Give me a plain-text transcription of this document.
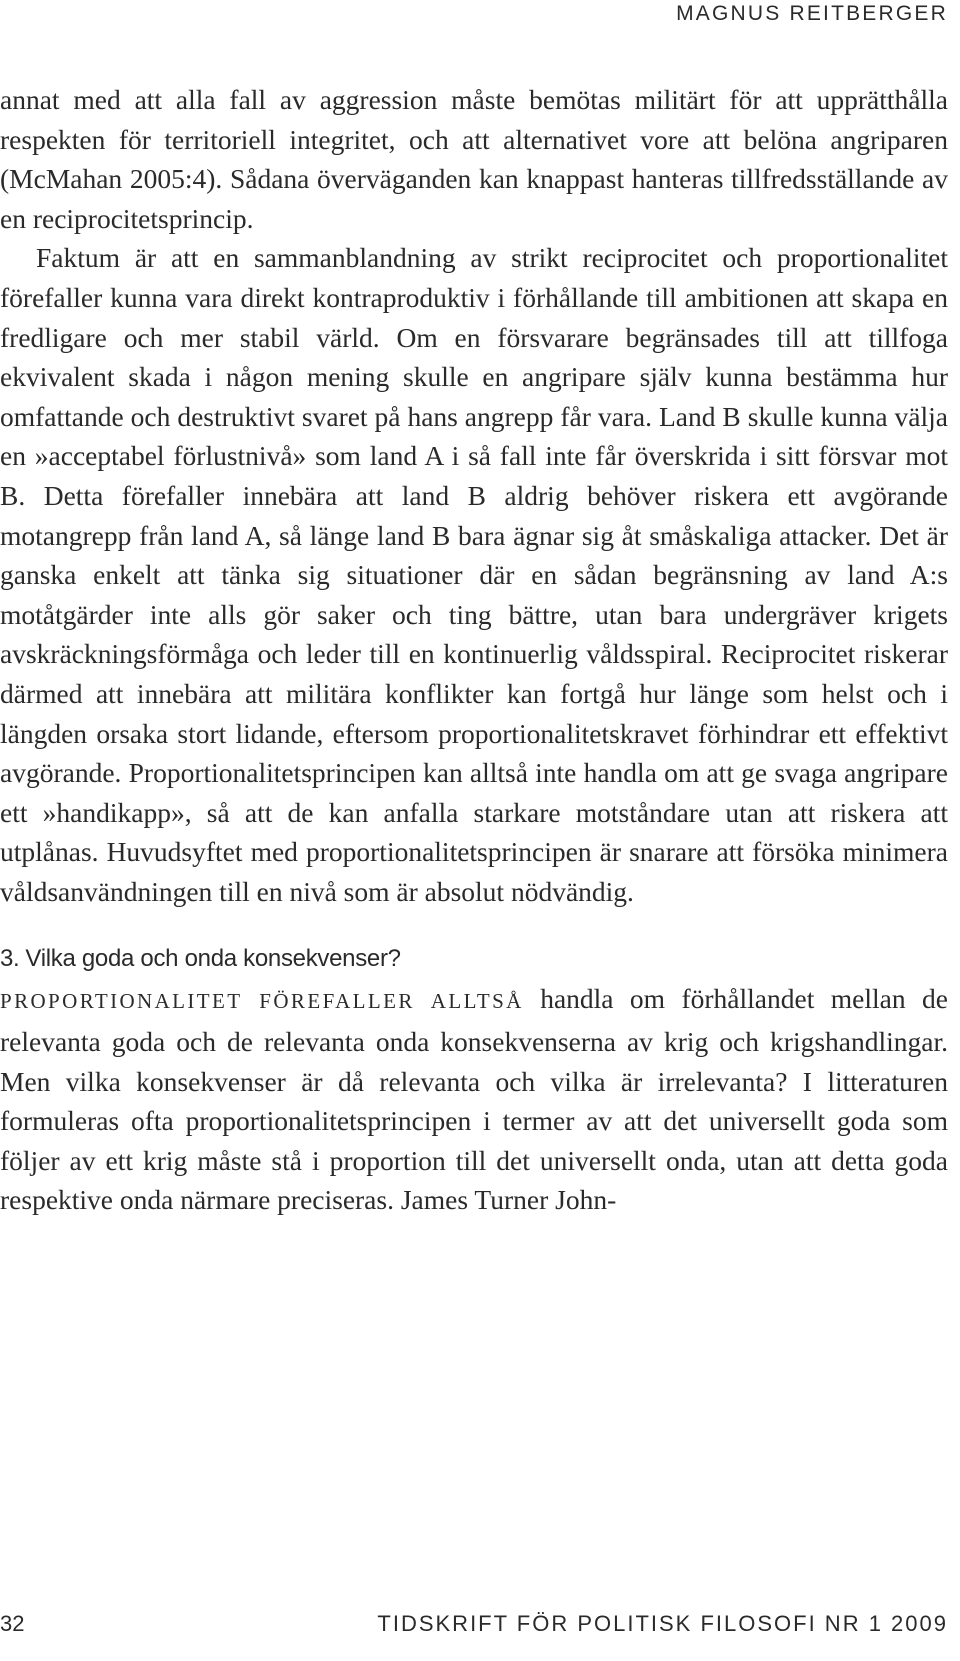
MAGNUS REITBERGER

annat med att alla fall av aggression måste bemötas militärt för att upprätthålla respekten för territoriell integritet, och att alternativet vore att belöna angriparen (McMahan 2005:4). Sådana överväganden kan knappast hanteras tillfredsställande av en reciprocitetsprincip.

Faktum är att en sammanblandning av strikt reciprocitet och proportionalitet förefaller kunna vara direkt kontraproduktiv i förhållande till ambitionen att skapa en fredligare och mer stabil värld. Om en försvarare begränsades till att tillfoga ekvivalent skada i någon mening skulle en angripare själv kunna bestämma hur omfattande och destruktivt svaret på hans angrepp får vara. Land B skulle kunna välja en »acceptabel förlustnivå» som land A i så fall inte får överskrida i sitt försvar mot B. Detta förefaller innebära att land B aldrig behöver riskera ett avgörande motangrepp från land A, så länge land B bara ägnar sig åt småskaliga attacker. Det är ganska enkelt att tänka sig situationer där en sådan begränsning av land A:s motåtgärder inte alls gör saker och ting bättre, utan bara undergräver krigets avskräckningsförmåga och leder till en kontinuerlig våldsspiral. Reciprocitet riskerar därmed att innebära att militära konflikter kan fortgå hur länge som helst och i längden orsaka stort lidande, eftersom proportionalitetskravet förhindrar ett effektivt avgörande. Proportionalitetsprincipen kan alltså inte handla om att ge svaga angripare ett »handikapp», så att de kan anfalla starkare motståndare utan att riskera att utplånas. Huvudsyftet med proportionalitetsprincipen är snarare att försöka minimera våldsanvändningen till en nivå som är absolut nödvändig.

3. Vilka goda och onda konsekvenser?

PROPORTIONALITET FÖREFALLER ALLTSÅ handla om förhållandet mellan de relevanta goda och de relevanta onda konsekvenserna av krig och krigshandlingar. Men vilka konsekvenser är då relevanta och vilka är irrelevanta? I litteraturen formuleras ofta proportionalitetsprincipen i termer av att det universellt goda som följer av ett krig måste stå i proportion till det universellt onda, utan att detta goda respektive onda närmare preciseras. James Turner John-

32	TIDSKRIFT FÖR POLITISK FILOSOFI NR 1 2009
